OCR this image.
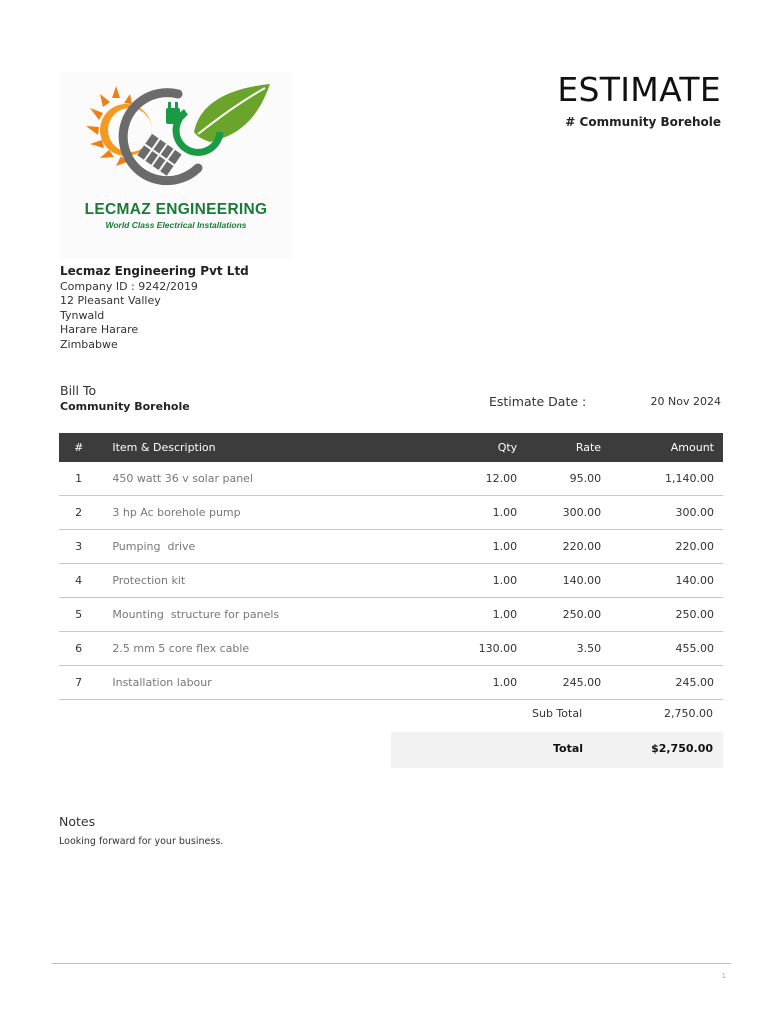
LECMAZ ENGINEERING
World Class Electrical Installations
ESTIMATE
# Community Borehole
Lecmaz Engineering Pvt Ltd
Company ID : 9242/2019
12 Pleasant Valley
Tynwald
Harare Harare
Zimbabwe
Bill To
Community Borehole	Estimate Date :	20 Nov 2024
#	Item & Description	Qty	Rate	Amount
1	450 watt 36 v solar panel	12.00	95.00	1,140.00
2	3 hp Ac borehole pump	1.00	300.00	300.00
3	Pumping  drive	1.00	220.00	220.00
4	Protection kit	1.00	140.00	140.00
5	Mounting  structure for panels	1.00	250.00	250.00
6	2.5 mm 5 core flex cable	130.00	3.50	455.00
7	Installation labour	1.00	245.00	245.00
Sub Total	2,750.00
Total	$2,750.00
Notes
Looking forward for your business.
1
